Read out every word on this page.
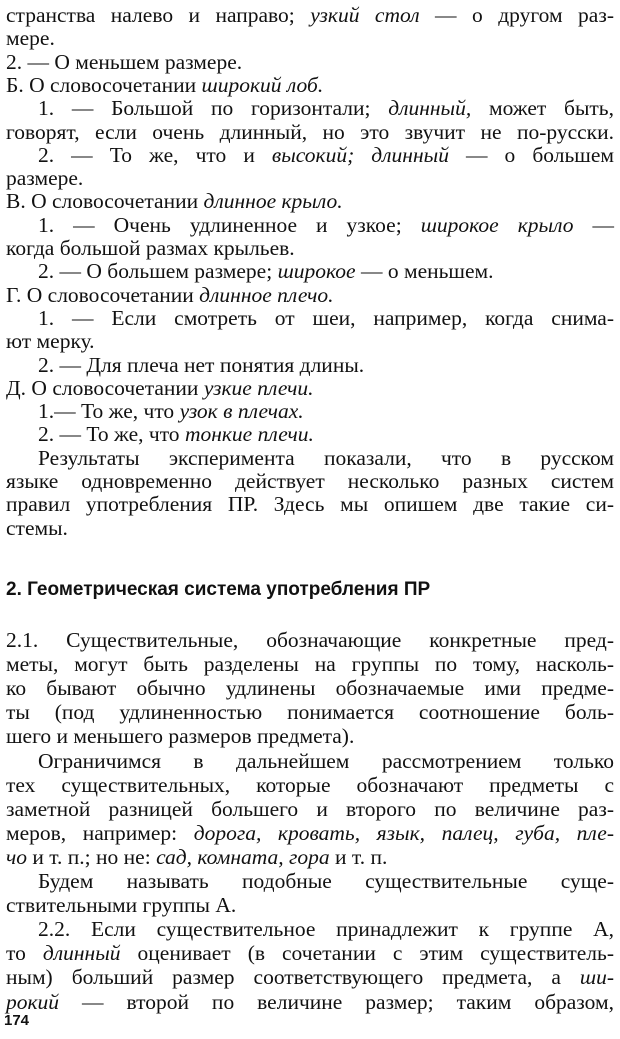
странства налево и направо; узкий стол — о другом раз-
мере.
2. — О меньшем размере.
Б. О словосочетании широкий лоб.
1. — Большой по горизонтали; длинный, может быть,
говорят, если очень длинный, но это звучит не по-русски.
2. — То же, что и высокий; длинный — о большем
размере.
В. О словосочетании длинное крыло.
1. — Очень удлиненное и узкое; широкое крыло —
когда большой размах крыльев.
2. — О большем размере; широкое — о меньшем.
Г. О словосочетании длинное плечо.
1. — Если смотреть от шеи, например, когда снима-
ют мерку.
2. — Для плеча нет понятия длины.
Д. О словосочетании узкие плечи.
1.— То же, что узок в плечах.
2. — То же, что тонкие плечи.
Результаты эксперимента показали, что в русском
языке одновременно действует несколько разных систем
правил употребления ПР. Здесь мы опишем две такие си-
стемы.
2. Геометрическая система употребления ПР
2.1. Существительные, обозначающие конкретные пред-
меты, могут быть разделены на группы по тому, насколь-
ко бывают обычно удлинены обозначаемые ими предме-
ты (под удлиненностью понимается соотношение боль-
шего и меньшего размеров предмета).
Ограничимся в дальнейшем рассмотрением только
тех существительных, которые обозначают предметы с
заметной разницей большего и второго по величине раз-
меров, например: дорога, кровать, язык, палец, губа, пле-
чо и т. п.; но не: сад, комната, гора и т. п.
Будем называть подобные существительные суще-
ствительными группы А.
2.2. Если существительное принадлежит к группе А,
то длинный оценивает (в сочетании с этим существитель-
ным) больший размер соответствующего предмета, а ши-
рокий — второй по величине размер; таким образом,
174
